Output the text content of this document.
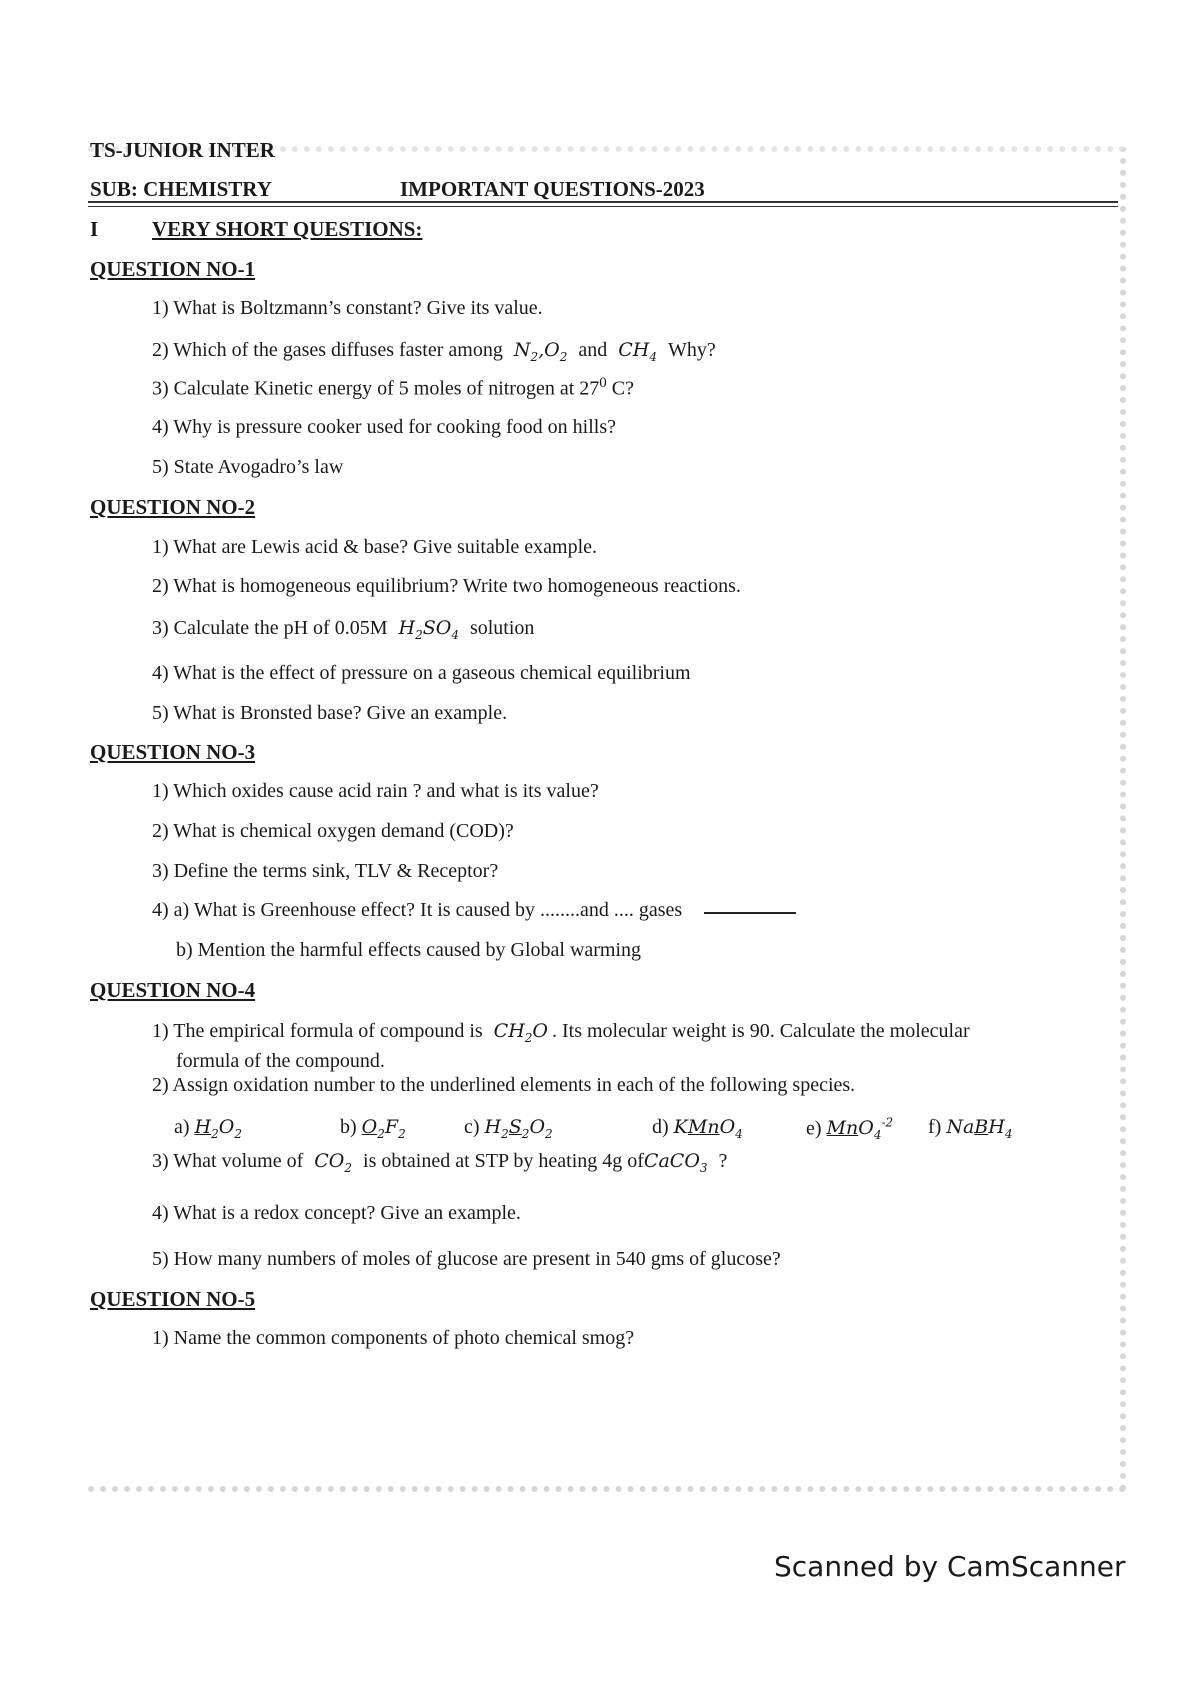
TS-JUNIOR INTER
SUB: CHEMISTRY	IMPORTANT QUESTIONS-2023
I	VERY SHORT QUESTIONS:
QUESTION NO-1
1) What is Boltzmann’s constant? Give its value.
2) Which of the gases diffuses faster among $N_2,O_2$ and $CH_4$ Why?
3) Calculate Kinetic energy of 5 moles of nitrogen at $27^0$ C?
4) Why is pressure cooker used for cooking food on hills?
5) State Avogadro’s law
QUESTION NO-2
1) What are Lewis acid & base? Give suitable example.
2) What is homogeneous equilibrium? Write two homogeneous reactions.
3) Calculate the pH of 0.05M $H_2SO_4$ solution
4) What is the effect of pressure on a gaseous chemical equilibrium
5) What is Bronsted base? Give an example.
QUESTION NO-3
1) Which oxides cause acid rain ? and what is its value?
2) What is chemical oxygen demand (COD)?
3) Define the terms sink, TLV & Receptor?
4) a) What is Greenhouse effect? It is caused by ........and .... gases
b) Mention the harmful effects caused by Global warming
QUESTION NO-4
1) The empirical formula of compound is $CH_2O$ . Its molecular weight is 90. Calculate the molecular
formula of the compound.
2) Assign oxidation number to the underlined elements in each of the following species.
a) $H_2O_2$	b) $O_2F_2$	c) $H_2S_2O_2$	d) KMnO$_4$	e) MnO$_4^{-2}$ f) NaBH$_4$
3) What volume of $CO_2$ is obtained at STP by heating 4g ofCaCO$_3$ ?
4) What is a redox concept? Give an example.
5) How many numbers of moles of glucose are present in 540 gms of glucose?
QUESTION NO-5
1) Name the common components of photo chemical smog?
Scanned by CamScanner
